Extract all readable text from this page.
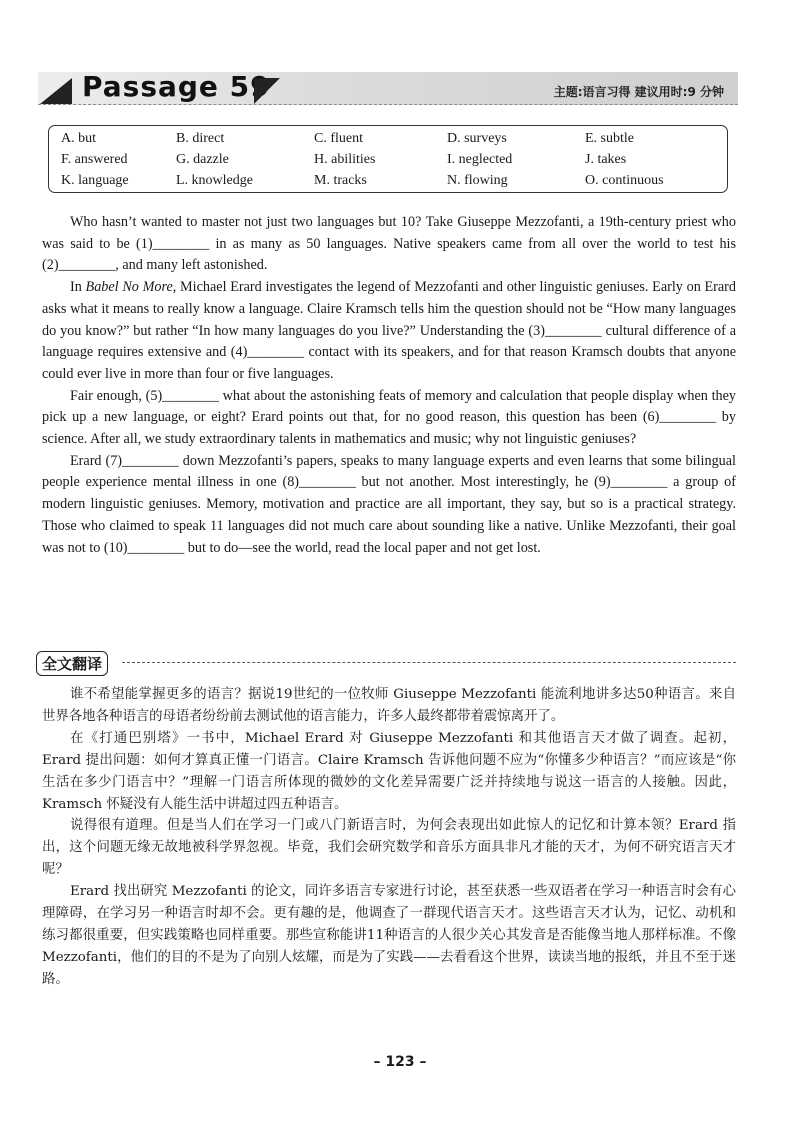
Passage 59	主题:语言习得 建议用时:9 分钟
A. but	B. direct	C. fluent	D. surveys	E. subtle
F. answered	G. dazzle	H. abilities	I. neglected	J. takes
K. language	L. knowledge	M. tracks	N. flowing	O. continuous

Who hasn’t wanted to master not just two languages but 10? Take Giuseppe Mezzofanti, a 19th-century priest who was said to be (1)________ in as many as 50 languages. Native speakers came from all over the world to test his (2)________, and many left astonished.

In Babel No More, Michael Erard investigates the legend of Mezzofanti and other linguistic geniuses. Early on Erard asks what it means to really know a language. Claire Kramsch tells him the question should not be “How many languages do you know?” but rather “In how many languages do you live?” Understanding the (3)________ cultural difference of a language requires extensive and (4)________ contact with its speakers, and for that reason Kramsch doubts that anyone could ever live in more than four or five languages.

Fair enough, (5)________ what about the astonishing feats of memory and calculation that people display when they pick up a new language, or eight? Erard points out that, for no good reason, this question has been (6)________ by science. After all, we study extraordinary talents in mathematics and music; why not linguistic geniuses?

Erard (7)________ down Mezzofanti’s papers, speaks to many language experts and even learns that some bilingual people experience mental illness in one (8)________ but not another. Most interestingly, he (9)________ a group of modern linguistic geniuses. Memory, motivation and practice are all important, they say, but so is a practical strategy. Those who claimed to speak 11 languages did not much care about sounding like a native. Unlike Mezzofanti, their goal was not to (10)________ but to do—see the world, read the local paper and not get lost.

全文翻译

谁不希望能掌握更多的语言？据说19世纪的一位牧师 Giuseppe Mezzofanti 能流利地讲多达50种语言。来自世界各地各种语言的母语者纷纷前去测试他的语言能力，许多人最终都带着震惊离开了。

在《打通巴别塔》一书中，Michael Erard 对 Giuseppe Mezzofanti 和其他语言天才做了调查。起初，Erard 提出问题：如何才算真正懂一门语言。Claire Kramsch 告诉他问题不应为“你懂多少种语言？”而应该是“你生活在多少门语言中？”理解一门语言所体现的微妙的文化差异需要广泛并持续地与说这一语言的人接触。因此，Kramsch 怀疑没有人能生活中讲超过四五种语言。

说得很有道理。但是当人们在学习一门或八门新语言时，为何会表现出如此惊人的记忆和计算本领？Erard 指出，这个问题无缘无故地被科学界忽视。毕竟，我们会研究数学和音乐方面具非凡才能的天才，为何不研究语言天才呢？

Erard 找出研究 Mezzofanti 的论文，同许多语言专家进行讨论，甚至获悉一些双语者在学习一种语言时会有心理障碍，在学习另一种语言时却不会。更有趣的是，他调查了一群现代语言天才。这些语言天才认为，记忆、动机和练习都很重要，但实践策略也同样重要。那些宣称能讲11种语言的人很少关心其发音是否能像当地人那样标准。不像 Mezzofanti，他们的目的不是为了向别人炫耀，而是为了实践——去看看这个世界，读读当地的报纸，并且不至于迷路。

– 123 –
